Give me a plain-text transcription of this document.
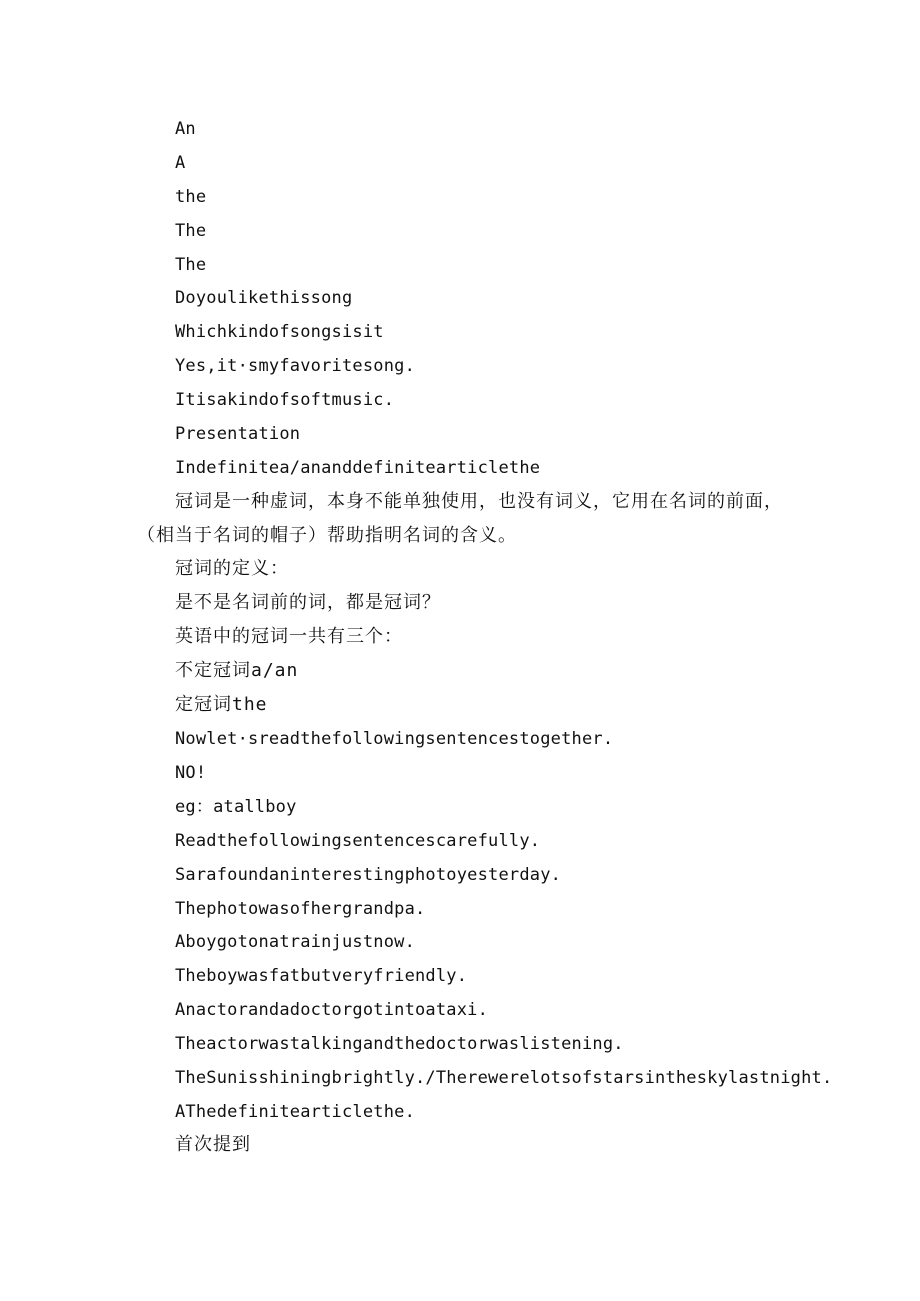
An
A
the
The
The
Doyoulikethissong
Whichkindofsongsisit
Yes,it·smyfavoritesong.
Itisakindofsoftmusic.
Presentation
Indefinitea/ananddefinitearticlethe
冠词是一种虚词，本身不能单独使用，也没有词义，它用在名词的前面，（相当于名词的帽子）帮助指明名词的含义。
冠词的定义：
是不是名词前的词，都是冠词？
英语中的冠词一共有三个：
不定冠词a/an
定冠词the
Nowlet·sreadthefollowingsentencestogether.
NO!
eg：atallboy
Readthefollowingsentencescarefully.
Sarafoundaninterestingphotoyesterday.
Thephotowasofhergrandpa.
Aboygotonatrainjustnow.
Theboywasfatbutveryfriendly.
Anactorandadoctorgotintoataxi.
Theactorwastalkingandthedoctorwaslistening.
TheSunisshiningbrightly./Therewerelotsofstarsintheskylastnight.
AThedefinitearticlethe.
首次提到
